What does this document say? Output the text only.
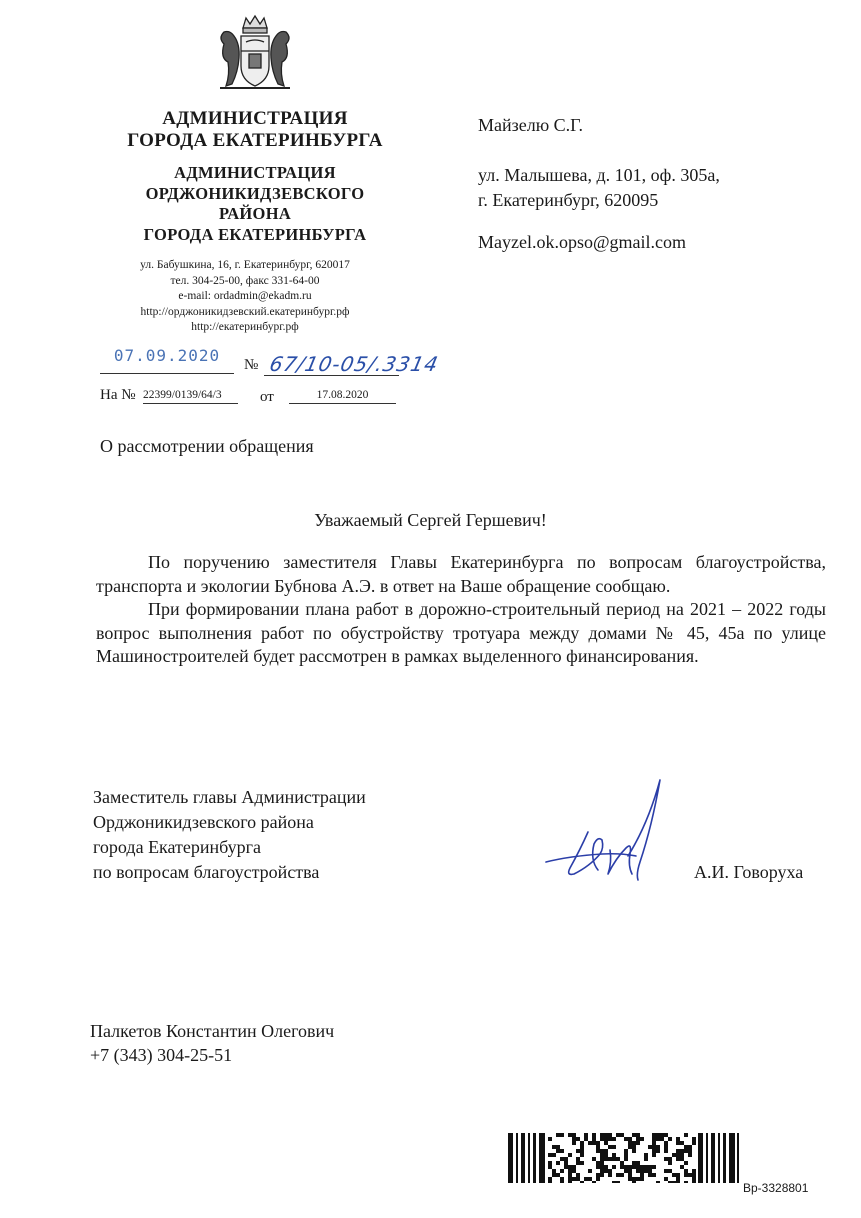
АДМИНИСТРАЦИЯ
ГОРОДА ЕКАТЕРИНБУРГА
АДМИНИСТРАЦИЯ
ОРДЖОНИКИДЗЕВСКОГО
РАЙОНА
ГОРОДА ЕКАТЕРИНБУРГА
ул. Бабушкина, 16, г. Екатеринбург, 620017
тел. 304-25-00, факс 331-64-00
e-mail: ordadmin@ekadm.ru
http://орджоникидзевский.екатеринбург.рф
http://екатеринбург.рф
Майзелю С.Г.
ул. Малышева, д. 101, оф. 305а,
г. Екатеринбург, 620095
Mayzel.ok.opso@gmail.com
07.09.2020	№ 67/10-05/.3314
На № 22399/0139/64/3	от	17.08.2020
О рассмотрении обращения
Уважаемый Сергей Гершевич!

По поручению заместителя Главы Екатеринбурга по вопросам благоустройства, транспорта и экологии Бубнова А.Э. в ответ на Ваше обращение сообщаю.

При формировании плана работ в дорожно-строительный период на 2021 – 2022 годы вопрос выполнения работ по обустройству тротуара между домами № 45, 45а по улице Машиностроителей будет рассмотрен в рамках выделенного финансирования.

Заместитель главы Администрации
Орджоникидзевского района
города Екатеринбурга
по вопросам благоустройства	А.И. Говоруха
Палкетов Константин Олегович
+7 (343) 304-25-51
Вр-3328801
